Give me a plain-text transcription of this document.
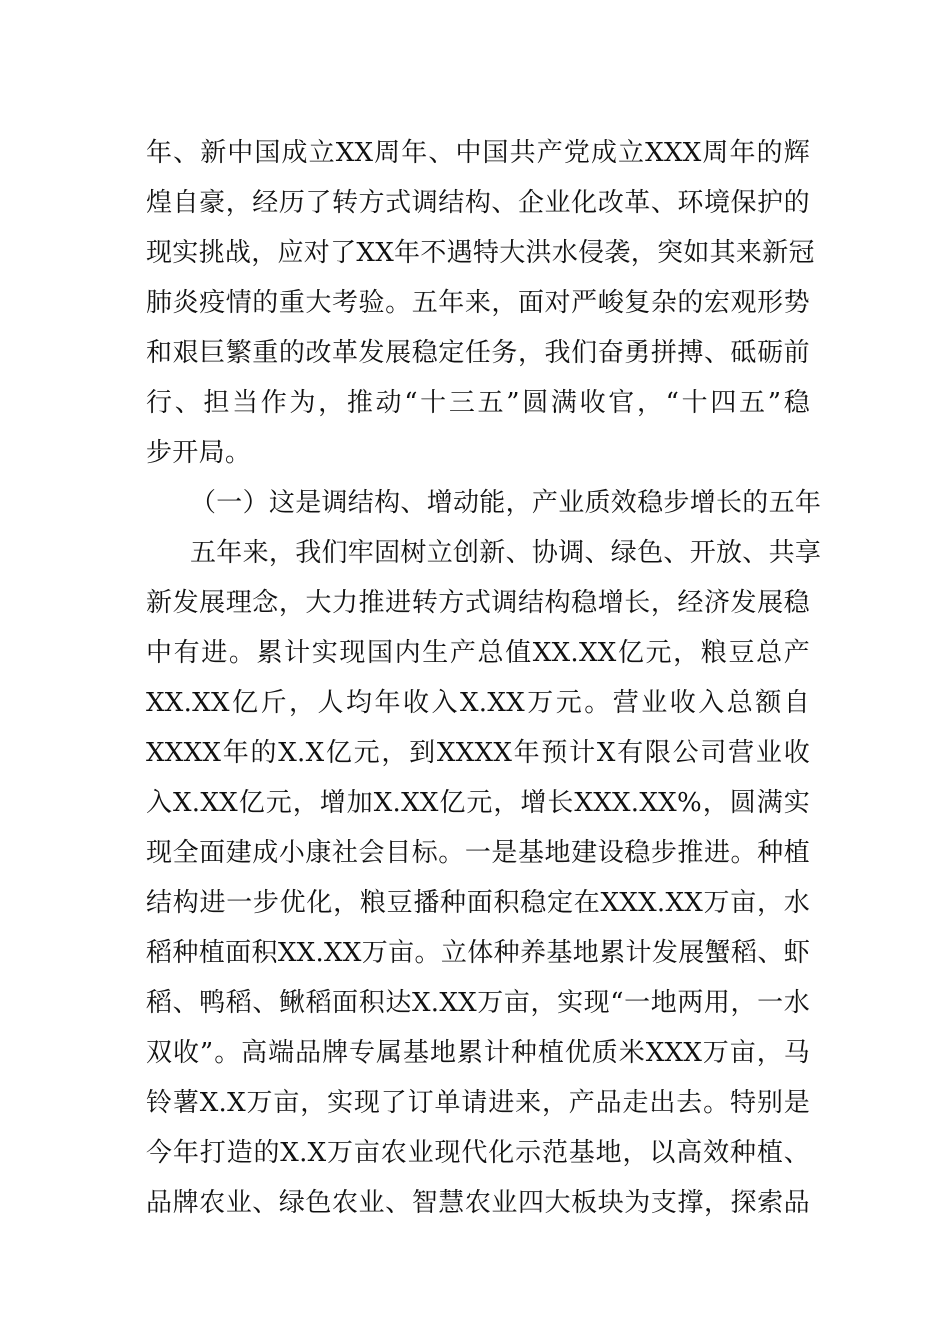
年、新中国成立XX周年、中国共产党成立XXX周年的辉
煌自豪，经历了转方式调结构、企业化改革、环境保护的
现实挑战，应对了XX年不遇特大洪水侵袭，突如其来新冠
肺炎疫情的重大考验。五年来，面对严峻复杂的宏观形势
和艰巨繁重的改革发展稳定任务，我们奋勇拼搏、砥砺前
行、担当作为，推动“十三五”圆满收官，“十四五”稳
步开局。
（一）这是调结构、增动能，产业质效稳步增长的五年
五年来，我们牢固树立创新、协调、绿色、开放、共享
新发展理念，大力推进转方式调结构稳增长，经济发展稳
中有进。累计实现国内生产总值XX.XX亿元，粮豆总产
XX.XX亿斤，人均年收入X.XX万元。营业收入总额自
XXXX年的X.X亿元，到XXXX年预计X有限公司营业收
入X.XX亿元，增加X.XX亿元，增长XXX.XX%，圆满实
现全面建成小康社会目标。一是基地建设稳步推进。种植
结构进一步优化，粮豆播种面积稳定在XXX.XX万亩，水
稻种植面积XX.XX万亩。立体种养基地累计发展蟹稻、虾
稻、鸭稻、鳅稻面积达X.XX万亩，实现“一地两用，一水
双收”。高端品牌专属基地累计种植优质米XXX万亩，马
铃薯X.X万亩，实现了订单请进来，产品走出去。特别是
今年打造的X.X万亩农业现代化示范基地，以高效种植、
品牌农业、绿色农业、智慧农业四大板块为支撑，探索品
